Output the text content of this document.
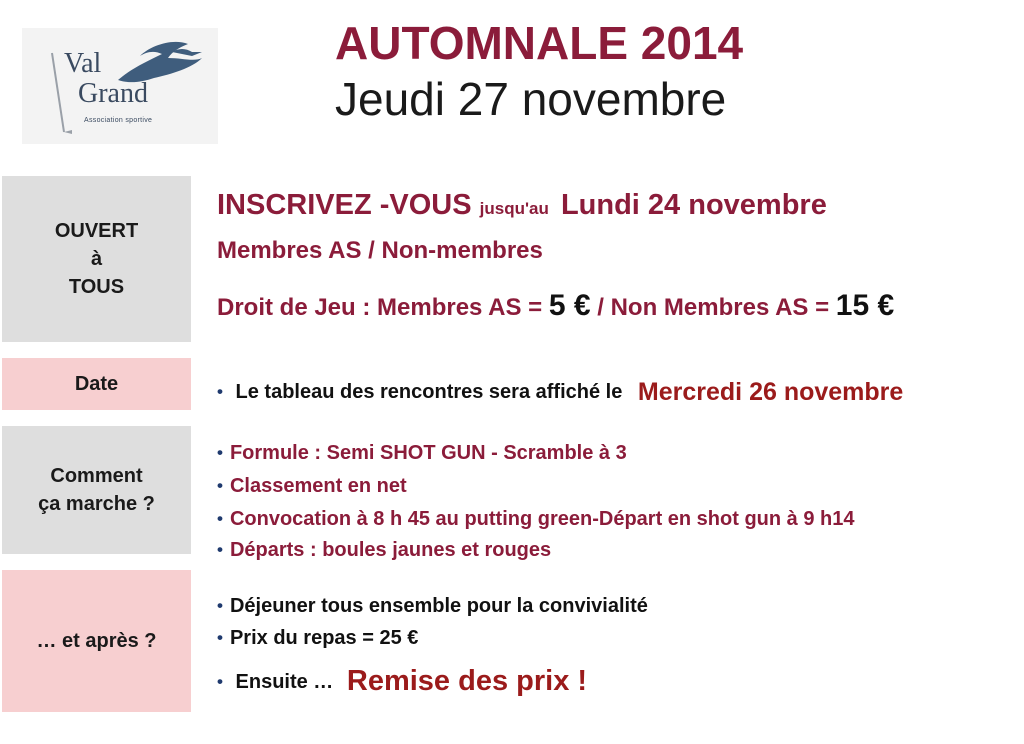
Val
Grand
Association sportive
AUTOMNALE 2014
Jeudi 27 novembre
OUVERT
à
TOUS
INSCRIVEZ -VOUS jusqu'au Lundi 24 novembre
Membres AS / Non-membres
Droit de Jeu : Membres AS = 5 € / Non Membres AS = 15 €
Date
•	Le tableau des rencontres sera affiché le Mercredi 26 novembre
Comment
ça marche ?
• Formule : Semi SHOT GUN - Scramble à 3
• Classement en net
• Convocation à 8 h 45 au putting green-Départ en shot gun à 9 h14
• Départs : boules jaunes et rouges
… et après ?
• Déjeuner tous ensemble pour la convivialité
• Prix du repas = 25 €
• Ensuite … Remise des prix !
